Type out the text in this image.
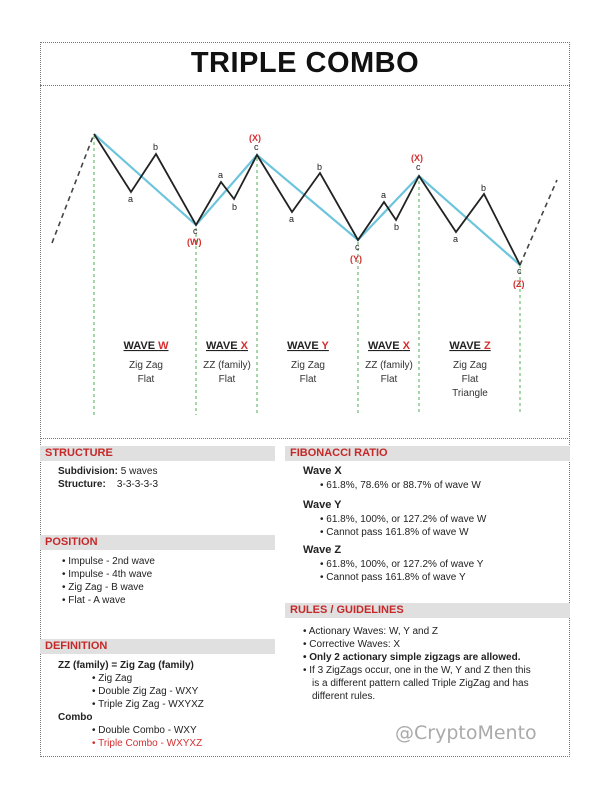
TRIPLE COMBO
a
b
c
a
b
c
a
b
c
a
b
c
a
b
c
(W)
(X)
(Y)
(X)
(Z)
WAVE W
Zig Zag
Flat
WAVE X
ZZ (family)
Flat
WAVE Y
Zig Zag
Flat
WAVE X
ZZ (family)
Flat
WAVE Z
Zig Zag
Flat
Triangle
STRUCTURE
Subdivision: 5 waves
Structure: 3-3-3-3-3
POSITION
• Impulse - 2nd wave
• Impulse - 4th wave
• Zig Zag - B wave
• Flat - A wave
DEFINITION
ZZ (family) = Zig Zag (family)
• Zig Zag
• Double Zig Zag - WXY
• Triple Zig Zag - WXYXZ
Combo
• Double Combo - WXY
• Triple Combo - WXYXZ
FIBONACCI RATIO
Wave X
• 61.8%, 78.6% or 88.7% of wave W
Wave Y
• 61.8%, 100%, or 127.2% of wave W
• Cannot pass 161.8% of wave W
Wave Z
• 61.8%, 100%, or 127.2% of wave Y
• Cannot pass 161.8% of wave Y
RULES / GUIDELINES
• Actionary Waves: W, Y and Z
• Corrective Waves: X
• Only 2 actionary simple zigzags are allowed.
• If 3 ZigZags occur, one in the W, Y and Z then this
is a different pattern called Triple ZigZag and has
different rules.
@CryptoMento
